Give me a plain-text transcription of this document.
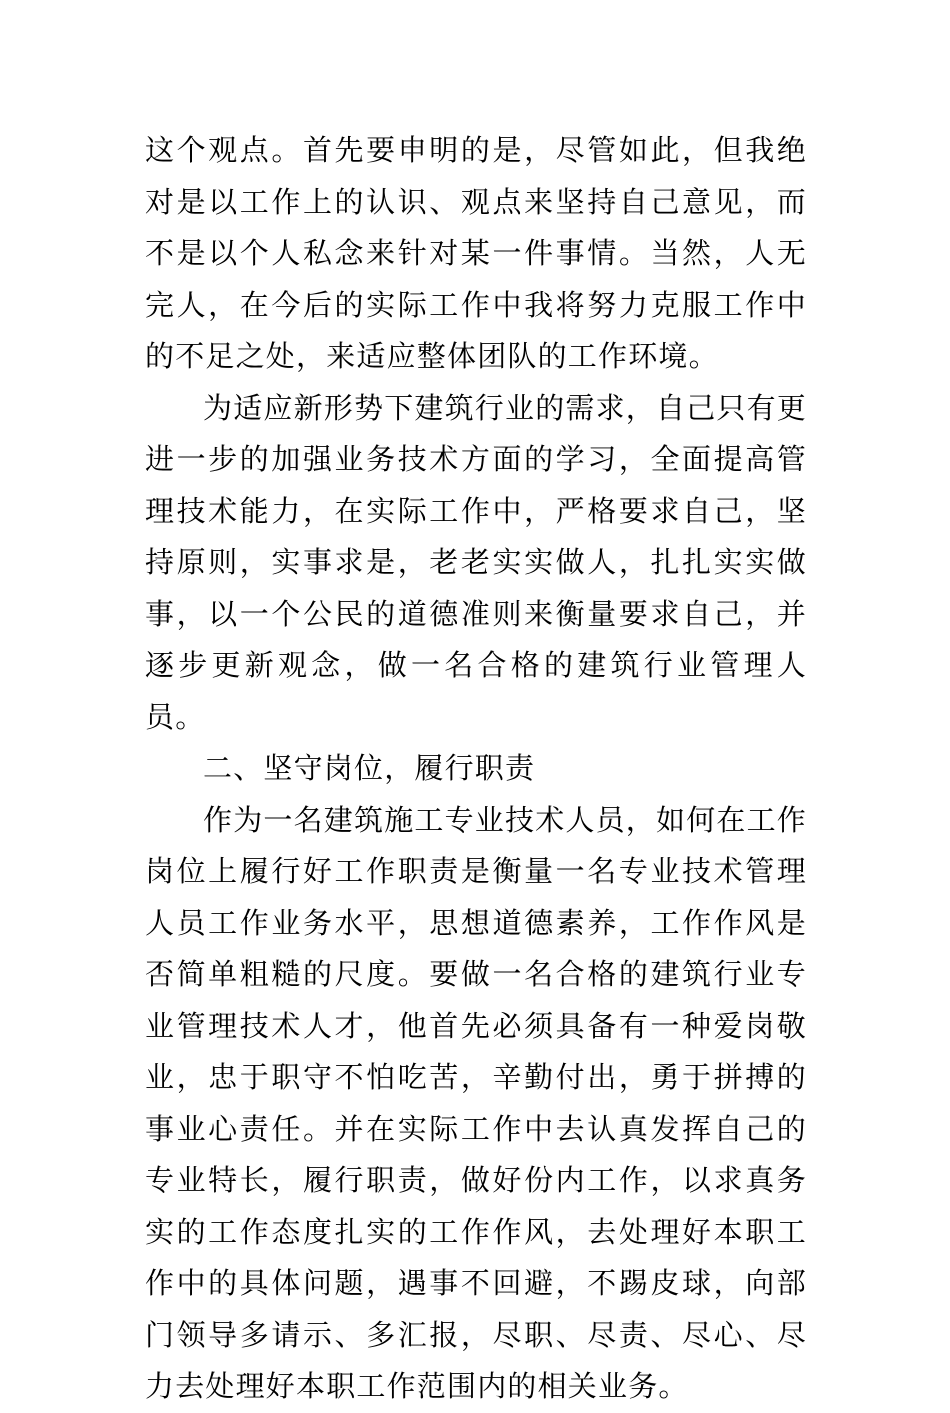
这个观点。首先要申明的是，尽管如此，但我绝对是以工作上的认识、观点来坚持自己意见，而不是以个人私念来针对某一件事情。当然，人无完人，在今后的实际工作中我将努力克服工作中的不足之处，来适应整体团队的工作环境。

为适应新形势下建筑行业的需求，自己只有更进一步的加强业务技术方面的学习，全面提高管理技术能力，在实际工作中，严格要求自己，坚持原则，实事求是，老老实实做人，扎扎实实做事，以一个公民的道德准则来衡量要求自己，并逐步更新观念，做一名合格的建筑行业管理人员。

二、坚守岗位，履行职责

作为一名建筑施工专业技术人员，如何在工作岗位上履行好工作职责是衡量一名专业技术管理人员工作业务水平，思想道德素养，工作作风是否简单粗糙的尺度。要做一名合格的建筑行业专业管理技术人才，他首先必须具备有一种爱岗敬业，忠于职守不怕吃苦，辛勤付出，勇于拼搏的事业心责任。并在实际工作中去认真发挥自己的专业特长，履行职责，做好份内工作，以求真务实的工作态度扎实的工作作风，去处理好本职工作中的具体问题，遇事不回避，不踢皮球，向部门领导多请示、多汇报，尽职、尽责、尽心、尽力去处理好本职工作范围内的相关业务。
